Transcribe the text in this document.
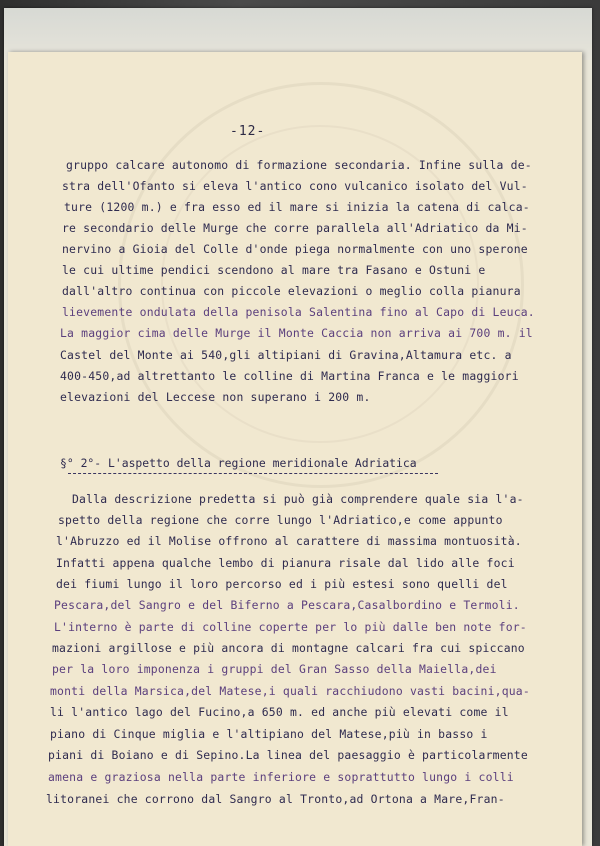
-12-
gruppo calcare autonomo di formazione secondaria. Infine sulla de-
stra dell'Ofanto si eleva l'antico cono vulcanico isolato del Vul-
ture (1200 m.) e fra esso ed il mare si inizia la catena di calca-
re secondario delle Murge che corre parallela all'Adriatico da Mi-
nervino a Gioia del Colle d'onde piega normalmente con uno sperone
le cui ultime pendici scendono al mare tra Fasano e Ostuni e
dall'altro continua con piccole elevazioni o meglio colla pianura
lievemente ondulata della penisola Salentina fino al Capo di Leuca.
La maggior cima delle Murge il Monte Caccia non arriva ai 700 m. il
Castel del Monte ai 540,gli altipiani di Gravina,Altamura etc. a
400-450,ad altrettanto le colline di Martina Franca e le maggiori
elevazioni del Leccese non superano i 200 m.
§° 2°- L'aspetto della regione meridionale Adriatica
Dalla descrizione predetta si può già comprendere quale sia l'a-
spetto della regione che corre lungo l'Adriatico,e come appunto
l'Abruzzo ed il Molise offrono al carattere di massima montuosità.
Infatti appena qualche lembo di pianura risale dal lido alle foci
dei fiumi lungo il loro percorso ed i più estesi sono quelli del
Pescara,del Sangro e del Biferno a Pescara,Casalbordino e Termoli.
L'interno è parte di colline coperte per lo più dalle ben note for-
mazioni argillose e più ancora di montagne calcari fra cui spiccano
per la loro imponenza i gruppi del Gran Sasso della Maiella,dei
monti della Marsica,del Matese,i quali racchiudono vasti bacini,qua-
li l'antico lago del Fucino,a 650 m. ed anche più elevati come il
piano di Cinque miglia e l'altipiano del Matese,più in basso i
piani di Boiano e di Sepino.La linea del paesaggio è particolarmente
amena e graziosa nella parte inferiore e soprattutto lungo i colli
litoranei che corrono dal Sangro al Tronto,ad Ortona a Mare,Fran-
